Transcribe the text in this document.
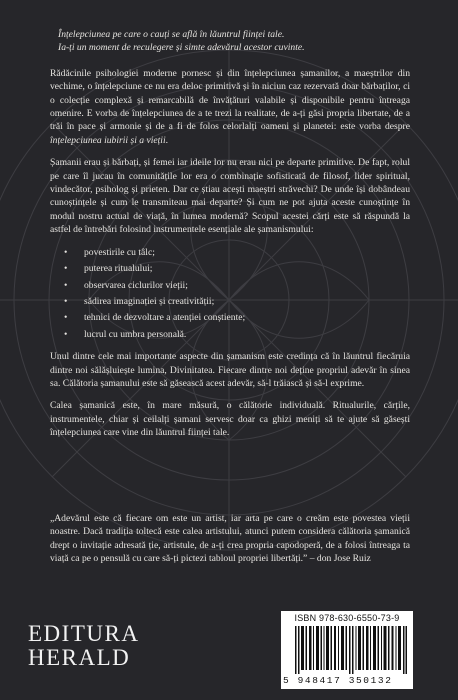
Înțelepciunea pe care o cauți se află în lăuntrul ființei tale.

Ia-ți un moment de reculegere și simte adevărul acestor cuvinte.

Rădăcinile psihologiei moderne pornesc și din înțelepciunea șamanilor, a maeștrilor din vechime, o înțelepciune ce nu era deloc primitivă și în niciun caz rezervată doar bărbaților, ci o colecție complexă și remarcabilă de învățături valabile și disponibile pentru întreaga omenire. E vorba de înțelepciunea de a te trezi la realitate, de a-ți găsi propria libertate, de a trăi în pace și armonie și de a fi de folos celorlalți oameni și planetei: este vorba despre înțelepciunea iubirii și a vieții.

Șamanii erau și bărbați, și femei iar ideile lor nu erau nici pe departe primitive. De fapt, rolul pe care îl jucau în comunitățile lor era o combinație sofisticată de filosof, lider spiritual, vindecător, psiholog și prieten. Dar ce știau acești maeștri străvechi? De unde își dobândeau cunoștințele și cum le transmiteau mai departe? Și cum ne pot ajuta aceste cunoștințe în modul nostru actual de viață, în lumea modernă? Scopul acestei cărți este să răspundă la astfel de întrebări folosind instrumentele esențiale ale șamanismului:

• povestirile cu tâlc;
• puterea ritualului;
• observarea ciclurilor vieții;
• sădirea imaginației și creativității;
• tehnici de dezvoltare a atenției conștiente;
• lucrul cu umbra personală.

Unul dintre cele mai importante aspecte din șamanism este credința că în lăuntrul fiecăruia dintre noi sălășluiește lumina, Divinitatea. Fiecare dintre noi deține propriul adevăr în sinea sa. Călătoria șamanului este să găsească acest adevăr, să-l trăiască și să-l exprime.

Calea șamanică este, în mare măsură, o călătorie individuală. Ritualurile, cărțile, instrumentele, chiar și ceilalți șamani servesc doar ca ghizi meniți să te ajute să găsești înțelepciunea care vine din lăuntrul ființei tale.

„Adevărul este că fiecare om este un artist, iar arta pe care o creăm este povestea vieții noastre. Dacă tradiția toltecă este calea artistului, atunci putem considera călătoria șamanică drept o invitație adresată ție, artistule, de a-ți crea propria capodoperă, de a folosi întreaga ta viață ca pe o pensulă cu care să-ți pictezi tabloul propriei libertăți.” – don Jose Ruiz

EDITURA
HERALD
ISBN 978-630-6550-73-9
5 948417 350132
